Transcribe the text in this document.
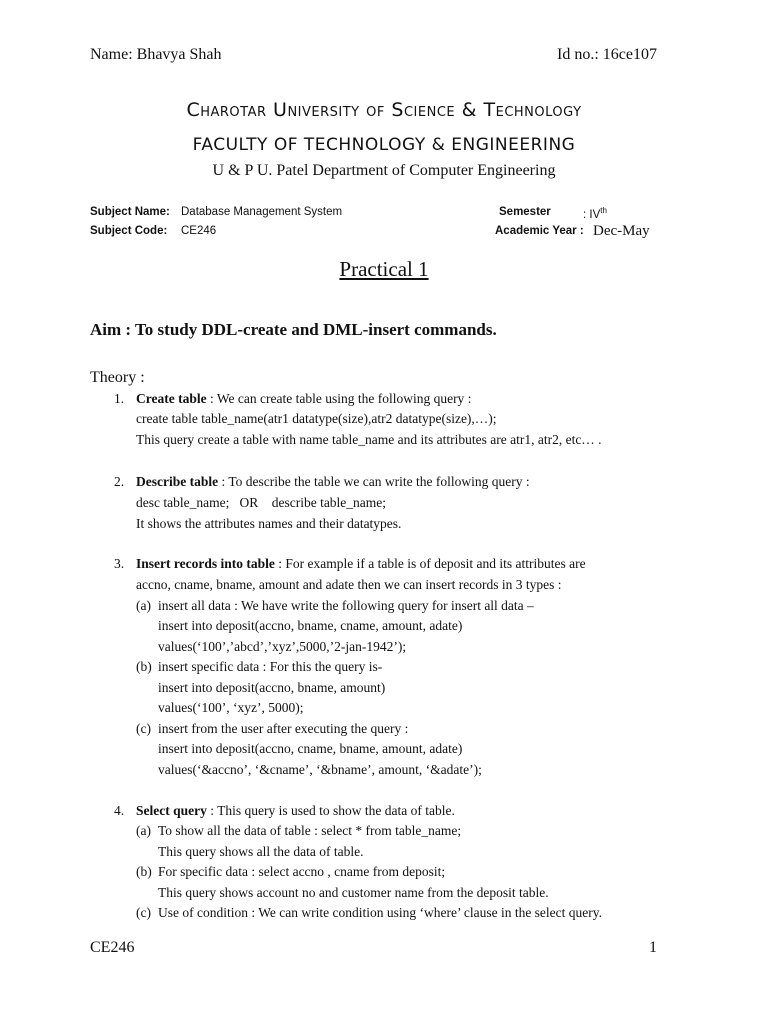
Name: Bhavya Shah	Id no.: 16ce107
Charotar University of Science & Technology
FACULTY OF TECHNOLOGY & ENGINEERING
U & P U. Patel Department of Computer Engineering
Subject Name: Database Management System
Subject Code: CE246
Semester	: IVth
Academic Year : Dec-May
Practical 1
Aim : To study DDL-create and DML-insert commands.
Theory :
1. Create table : We can create table using the following query :
create table table_name(atr1 datatype(size),atr2 datatype(size),…);
This query create a table with name table_name and its attributes are atr1, atr2, etc… .
2. Describe table : To describe the table we can write the following query :
desc table_name;   OR    describe table_name;
It shows the attributes names and their datatypes.
3. Insert records into table : For example if a table is of deposit and its attributes are
accno, cname, bname, amount and adate then we can insert records in 3 types :
(a) insert all data : We have write the following query for insert all data –
insert into deposit(accno, bname, cname, amount, adate)
values(‘100’,’abcd’,’xyz’,5000,’2-jan-1942’);
(b) insert specific data : For this the query is-
insert into deposit(accno, bname, amount)
values(‘100’, ‘xyz’, 5000);
(c) insert from the user after executing the query :
insert into deposit(accno, cname, bname, amount, adate)
values(‘&accno’, ‘&cname’, ‘&bname’, amount, ‘&adate’);
4. Select query : This query is used to show the data of table.
(a) To show all the data of table : select * from table_name;
This query shows all the data of table.
(b) For specific data : select accno , cname from deposit;
This query shows account no and customer name from the deposit table.
(c) Use of condition : We can write condition using ‘where’ clause in the select query.
CE246	1
